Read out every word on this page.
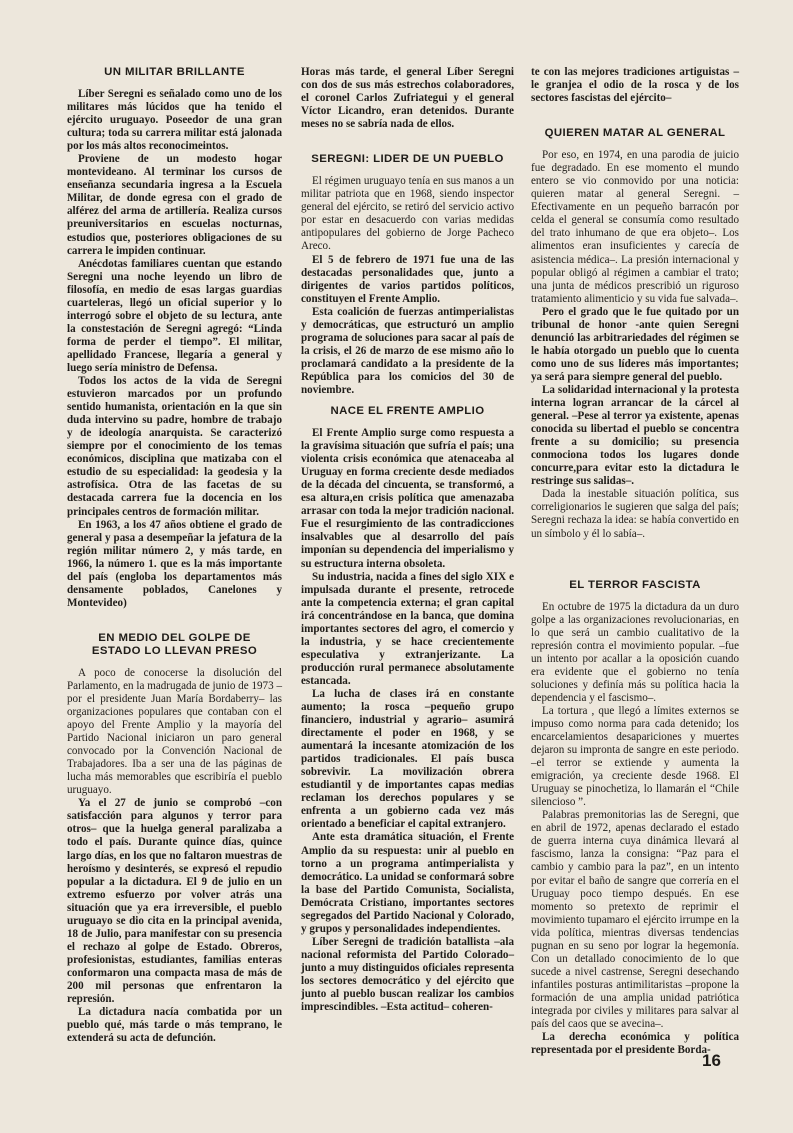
UN MILITAR BRILLANTE

Líber Seregni es señalado como uno de los militares más lúcidos que ha tenido el ejército uruguayo. Poseedor de una gran cultura; toda su carrera militar está jalonada por los más altos reconocimeintos.

Proviene de un modesto hogar montevideano. Al terminar los cursos de enseñanza secundaria ingresa a la Escuela Militar, de donde egresa con el grado de alférez del arma de artillería. Realiza cursos preuniversitarios en escuelas nocturnas, estudios que, posteriores obligaciones de su carrera le impiden continuar.

Anécdotas familiares cuentan que estando Seregni una noche leyendo un libro de filosofía, en medio de esas largas guardias cuarteleras, llegó un oficial superior y lo interrogó sobre el objeto de su lectura, ante la constestación de Seregni agregó: “Linda forma de perder el tiempo”. El militar, apellidado Francese, llegaría a general y luego sería ministro de Defensa.

Todos los actos de la vida de Seregni estuvieron marcados por un profundo sentido humanista, orientación en la que sin duda intervino su padre, hombre de trabajo y de ideología anarquista. Se caracterizó siempre por el conocimiento de los temas económicos, disciplina que matizaba con el estudio de su especialidad: la geodesia y la astrofísica. Otra de las facetas de su destacada carrera fue la docencia en los principales centros de formación militar.

En 1963, a los 47 años obtiene el grado de general y pasa a desempeñar la jefatura de la región militar número 2, y más tarde, en 1966, la número 1. que es la más importante del país (engloba los departamentos más densamente poblados, Canelones y Montevideo)

EN MEDIO DEL GOLPE DE ESTADO LO LLEVAN PRESO

A poco de conocerse la disolución del Parlamento, en la madrugada de junio de 1973 –por el presidente Juan María Bordaberry– las organizaciones populares que contaban con el apoyo del Frente Amplio y la mayoría del Partido Nacional iniciaron un paro general convocado por la Convención Nacional de Trabajadores. Iba a ser una de las páginas de lucha más memorables que escribiría el pueblo uruguayo.

Ya el 27 de junio se comprobó –con satisfacción para algunos y terror para otros– que la huelga general paralizaba a todo el país. Durante quince días, quince largo días, en los que no faltaron muestras de heroísmo y desinterés, se expresó el repudio popular a la dictadura. El 9 de julio en un extremo esfuerzo por volver atrás una situación que ya era irreversible, el pueblo uruguayo se dio cita en la principal avenida, 18 de Julio, para manifestar con su presencia el rechazo al golpe de Estado. Obreros, profesionistas, estudiantes, familias enteras conformaron una compacta masa de más de 200 mil personas que enfrentaron la represión.

La dictadura nacía combatida por un pueblo qué, más tarde o más temprano, le extenderá su acta de defunción.

Horas más tarde, el general Líber Seregni con dos de sus más estrechos colaboradores, el coronel Carlos Zufriategui y el general Víctor Licandro, eran detenidos. Durante meses no se sabría nada de ellos.

SEREGNI: LIDER DE UN PUEBLO

El régimen uruguayo tenía en sus manos a un militar patriota que en 1968, siendo inspector general del ejército, se retiró del servicio activo por estar en desacuerdo con varias medidas antipopulares del gobierno de Jorge Pacheco Areco.

El 5 de febrero de 1971 fue una de las destacadas personalidades que, junto a dirigentes de varios partidos políticos, constituyen el Frente Amplio.

Esta coalición de fuerzas antimperialistas y democráticas, que estructuró un amplio programa de soluciones para sacar al país de la crisis, el 26 de marzo de ese mismo año lo proclamará candidato a la presidente de la República para los comicios del 30 de noviembre.

NACE EL FRENTE AMPLIO

El Frente Amplio surge como respuesta a la gravísima situación que sufría el país; una violenta crisis económica que atenaceaba al Uruguay en forma creciente desde mediados de la década del cincuenta, se transformó, a esa altura,en crisis política que amenazaba arrasar con toda la mejor tradición nacional. Fue el resurgimiento de las contradicciones insalvables que al desarrollo del país imponían su dependencia del imperialismo y su estructura interna obsoleta.

Su industria, nacida a fines del siglo XIX e impulsada durante el presente, retrocede ante la competencia externa; el gran capital irá concentrándose en la banca, que domina importantes sectores del agro, el comercio y la industria, y se hace crecientemente especulativa y extranjerizante. La producción rural permanece absolutamente estancada.

La lucha de clases irá en constante aumento; la rosca –pequeño grupo financiero, industrial y agrario– asumirá directamente el poder en 1968, y se aumentará la incesante atomización de los partidos tradicionales. El país busca sobrevivir. La movilización obrera estudiantil y de importantes capas medias reclaman los derechos populares y se enfrenta a un gobierno cada vez más orientado a beneficiar el capital extranjero.

Ante esta dramática situación, el Frente Amplio da su respuesta: unir al pueblo en torno a un programa antimperialista y democrático. La unidad se conformará sobre la base del Partido Comunista, Socialista, Demócrata Cristiano, importantes sectores segregados del Partido Nacional y Colorado, y grupos y personalidades independientes.

Líber Seregni de tradición batallista –ala nacional reformista del Partido Colorado– junto a muy distinguidos oficiales representa los sectores democrático y del ejército que junto al pueblo buscan realizar los cambios imprescindibles. –Esta actitud– coheren-

te con las mejores tradiciones artiguistas –le granjea el odio de la rosca y de los sectores fascistas del ejército–

QUIEREN MATAR AL GENERAL

Por eso, en 1974, en una parodia de juicio fue degradado. En ese momento el mundo entero se vio conmovido por una noticia: quieren matar al general Seregni. –Efectivamente en un pequeño barracón por celda el general se consumía como resultado del trato inhumano de que era objeto–. Los alimentos eran insuficientes y carecía de asistencia médica–. La presión internacional y popular obligó al régimen a cambiar el trato; una junta de médicos prescribió un riguroso tratamiento alimenticio y su vida fue salvada–.

Pero el grado que le fue quitado por un tribunal de honor -ante quien Seregni denunció las arbitrariedades del régimen se le había otorgado un pueblo que lo cuenta como uno de sus líderes más importantes; ya será para siempre general del pueblo.

La solidaridad internacional y la protesta interna logran arrancar de la cárcel al general. –Pese al terror ya existente, apenas conocida su libertad el pueblo se concentra frente a su domicilio; su presencia conmociona todos los lugares donde concurre,para evitar esto la dictadura le restringe sus salidas–.

Dada la inestable situación política, sus correligionarios le sugieren que salga del país; Seregni rechaza la idea: se había convertido en un símbolo y él lo sabía–.

EL TERROR FASCISTA

En octubre de 1975 la dictadura da un duro golpe a las organizaciones revolucionarias, en lo que será un cambio cualitativo de la represión contra el movimiento popular. –fue un intento por acallar a la oposición cuando era evidente que el gobierno no tenía soluciones y definía más su política hacia la dependencia y el fascismo–.

La tortura , que llegó a límites externos se impuso como norma para cada detenido; los encarcelamientos desapariciones y muertes dejaron su impronta de sangre en este periodo. –el terror se extiende y aumenta la emigración, ya creciente desde 1968. El Uruguay se pinochetiza, lo llamarán el “Chile silencioso ”.

Palabras premonitorias las de Seregni, que en abril de 1972, apenas declarado el estado de guerra interna cuya dinámica llevará al fascismo, lanza la consigna: “Paz para el cambio y cambio para la paz”, en un intento por evitar el baño de sangre que correría en el Uruguay poco tiempo después. En ese momento so pretexto de reprimir el movimiento tupamaro el ejército irrumpe en la vida política, mientras diversas tendencias pugnan en su seno por lograr la hegemonía. Con un detallado conocimiento de lo que sucede a nivel castrense, Seregni desechando infantiles posturas antimilitaristas –propone la formación de una amplia unidad patriótica integrada por civiles y militares para salvar al país del caos que se avecina–.

La derecha económica y política representada por el presidente Borda-

16
